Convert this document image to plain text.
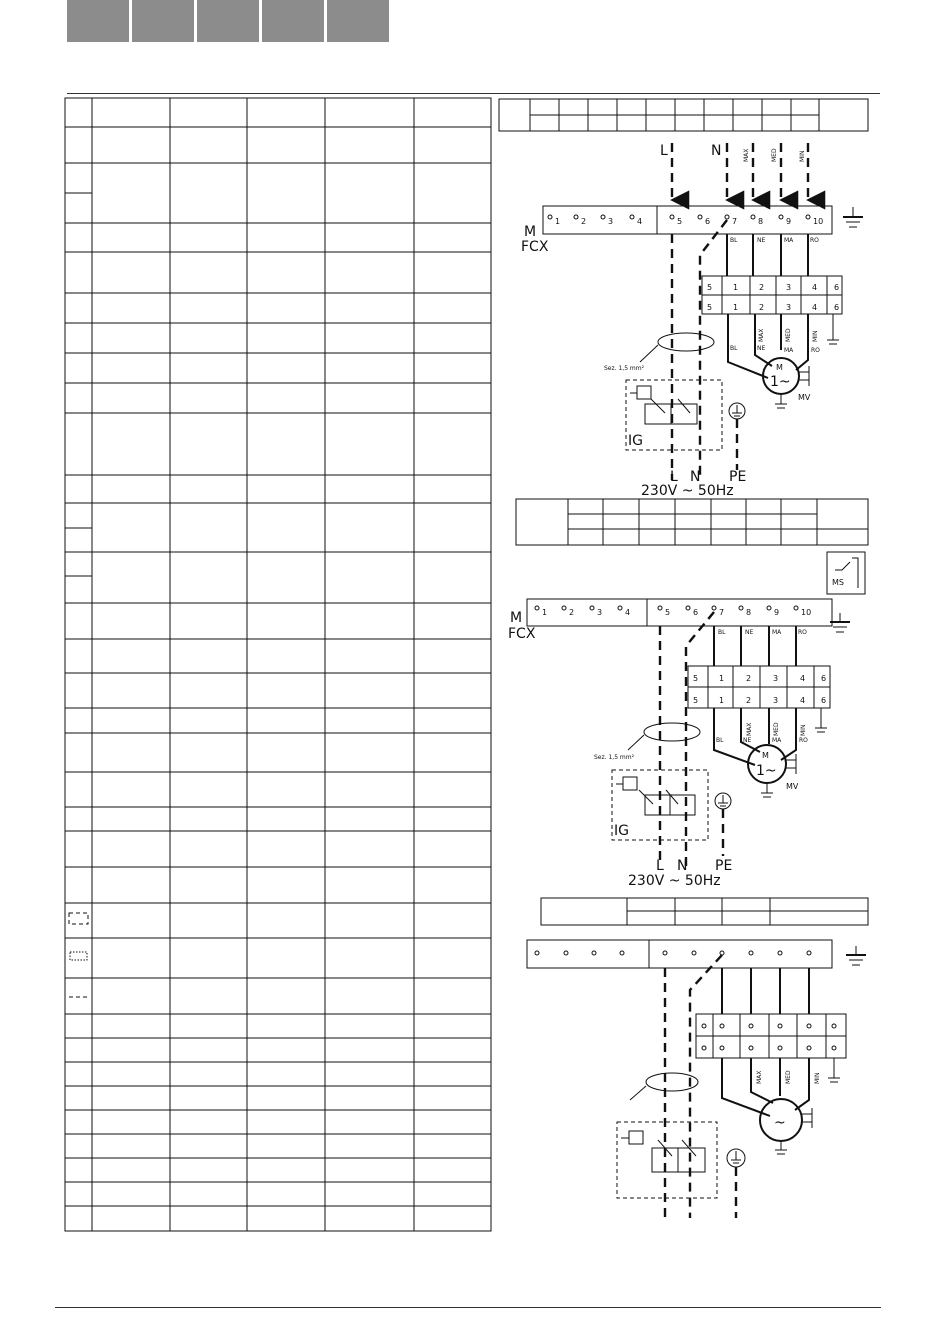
L	N	MAX	MED	MIN
1	2	3	4	5	6	7	8	9	10
BL	NE	MA	RO
M
FCX
5	1	2	3	4 6
5	1	2	3	4 6
BL
MAX
NE
MED
MA
MIN
RO
M
1~
MV
Sez. 1,5 mm²
IG
L N PE
230V ~ 50Hz
MS
1	2	3	4	5	6	7	8	9	10
BL	NE	MA	RO
M
FCX
5	1	2	3	4 6
5	1	2	3	4 6
BL
MAX
NE
MED
MA
MIN
RO
M
1~
MV
Sez. 1,5 mm²
IG
L N PE
230V ~ 50Hz
MAX	MED	MIN
~
